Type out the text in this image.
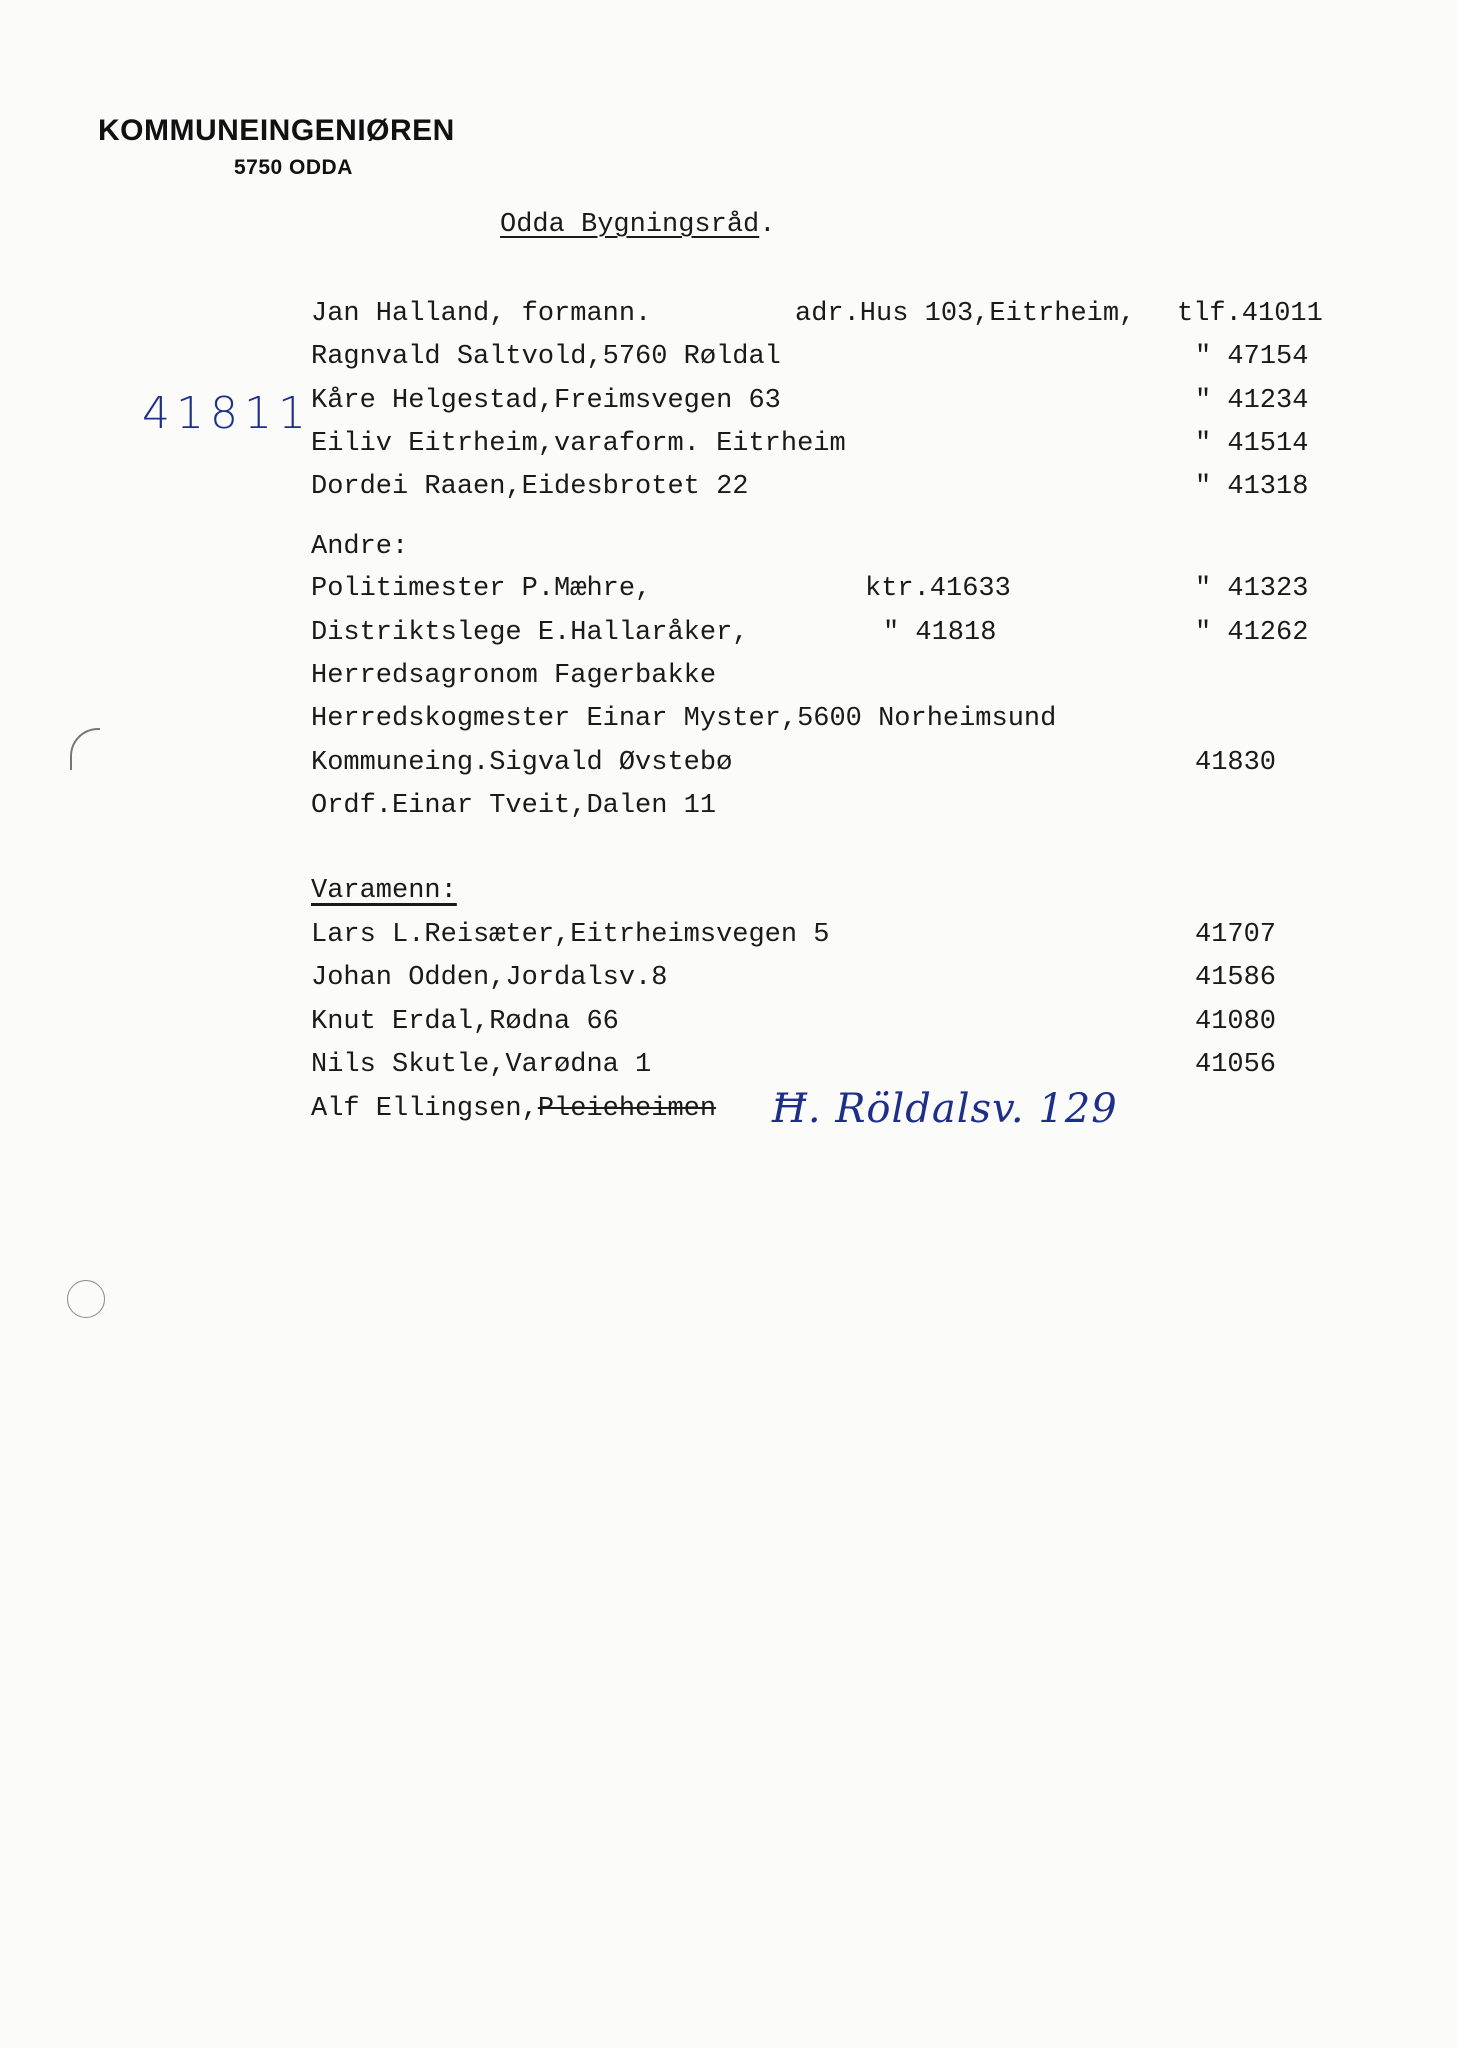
KOMMUNEINGENIØREN
5750 ODDA
Odda Bygningsråd.
41811
Jan Halland, formann.	adr.Hus 103,Eitrheim, tlf.41011
Ragnvald Saltvold,5760 Røldal	" 47154
Kåre Helgestad,Freimsvegen 63	" 41234
Eiliv Eitrheim,varaform. Eitrheim	" 41514
Dordei Raaen,Eidesbrotet 22	" 41318
Andre:
Politimester P.Mæhre,	ktr.41633	" 41323
Distriktslege E.Hallaråker,	" 41818	" 41262
Herredsagronom Fagerbakke
Herredskogmester Einar Myster,5600 Norheimsund
Kommuneing.Sigvald Øvstebø	41830
Ordf.Einar Tveit,Dalen 11
Varamenn:
Lars L.Reisæter,Eitrheimsvegen 5	41707
Johan Odden,Jordalsv.8	41586
Knut Erdal,Rødna 66	41080
Nils Skutle,Varødna 1	41056
Alf Ellingsen,Pleieheimen Ħ. Röldalsv. 129
